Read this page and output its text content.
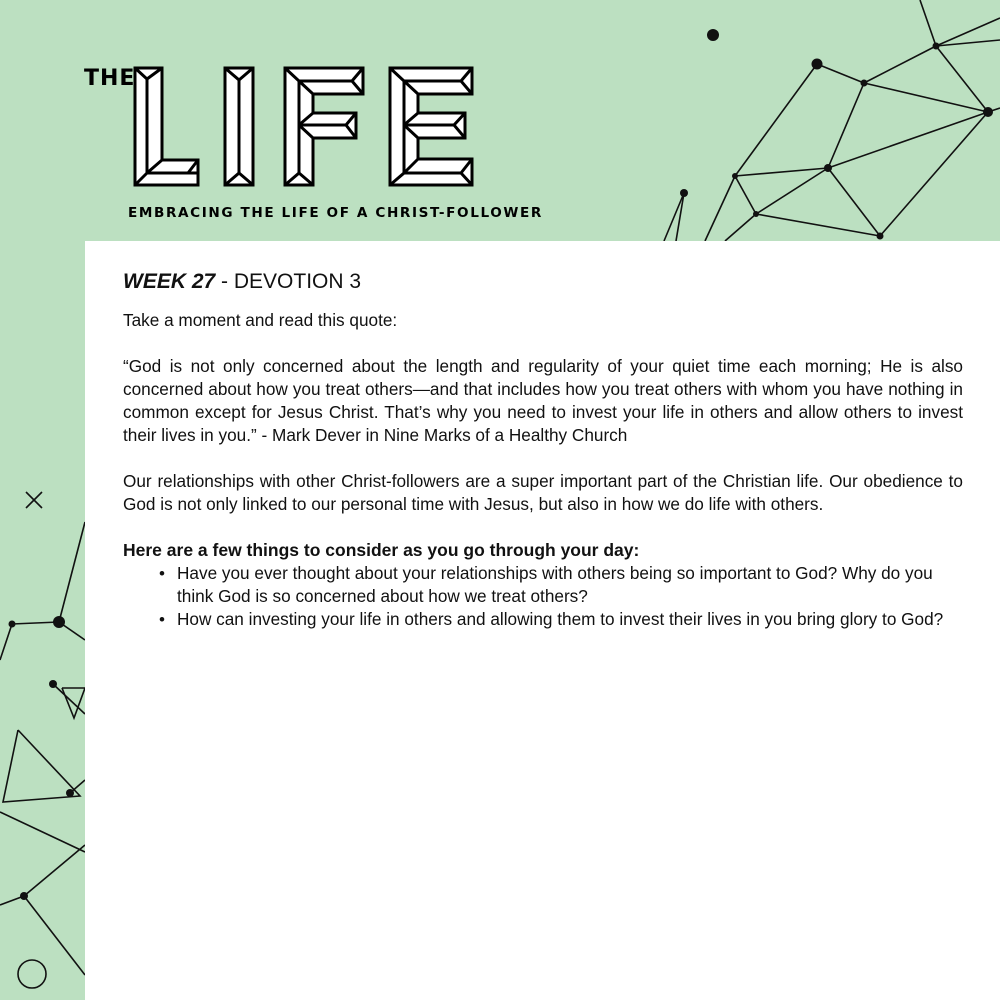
THE
EMBRACING THE LIFE OF A CHRIST-FOLLOWER
WEEK 27 - DEVOTION 3

Take a moment and read this quote:

“God is not only concerned about the length and regularity of your quiet time each morning; He is also concerned about how you treat others—and that includes how you treat others with whom you have nothing in common except for Jesus Christ. That’s why you need to invest your life in others and allow others to invest their lives in you.” - Mark Dever in Nine Marks of a Healthy Church

Our relationships with other Christ-followers are a super important part of the Christian life. Our obedience to God is not only linked to our personal time with Jesus, but also in how we do life with others.

Here are a few things to consider as you go through your day:
• Have you ever thought about your relationships with others being so important to God? Why do you think God is so concerned about how we treat others?
• How can investing your life in others and allowing them to invest their lives in you bring glory to God?
